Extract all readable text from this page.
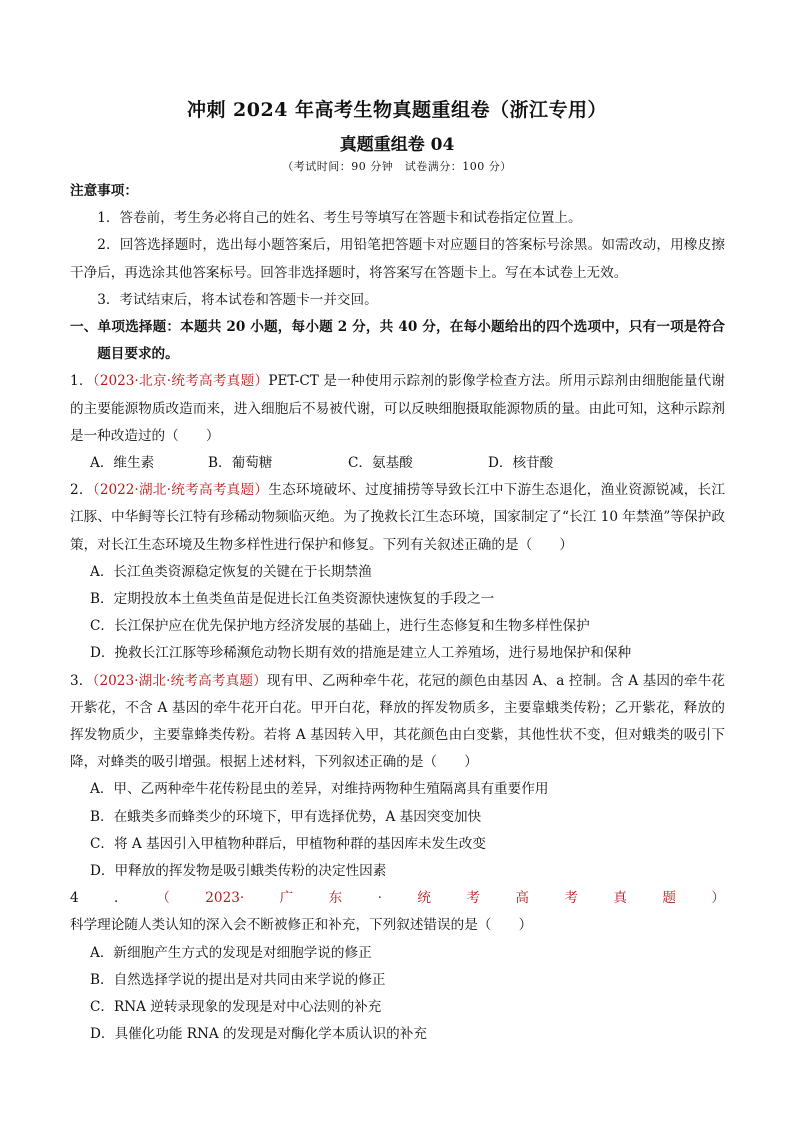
冲刺 2024 年高考生物真题重组卷（浙江专用）
真题重组卷 04
（考试时间：90 分钟　试卷满分：100 分）

注意事项：

1．答卷前，考生务必将自己的姓名、考生号等填写在答题卡和试卷指定位置上。

2．回答选择题时，选出每小题答案后，用铅笔把答题卡对应题目的答案标号涂黑。如需改动，用橡皮擦干净后，再选涂其他答案标号。回答非选择题时，将答案写在答题卡上。写在本试卷上无效。

3．考试结束后，将本试卷和答题卡一并交回。

一、单项选择题：本题共 20 小题，每小题 2 分，共 40 分，在每小题给出的四个选项中，只有一项是符合题目要求的。

1．（2023·北京·统考高考真题）PET-CT 是一种使用示踪剂的影像学检查方法。所用示踪剂由细胞能量代谢的主要能源物质改造而来，进入细胞后不易被代谢，可以反映细胞摄取能源物质的量。由此可知，这种示踪剂是一种改造过的（　　）

A．维生素	B．葡萄糖	C．氨基酸	D．核苷酸

2．（2022·湖北·统考高考真题）生态环境破坏、过度捕捞等导致长江中下游生态退化，渔业资源锐减，长江江豚、中华鲟等长江特有珍稀动物频临灭绝。为了挽救长江生态环境，国家制定了“长江 10 年禁渔”等保护政策，对长江生态环境及生物多样性进行保护和修复。下列有关叙述正确的是（　　）

A．长江鱼类资源稳定恢复的关键在于长期禁渔

B．定期投放本土鱼类鱼苗是促进长江鱼类资源快速恢复的手段之一

C．长江保护应在优先保护地方经济发展的基础上，进行生态修复和生物多样性保护

D．挽救长江江豚等珍稀濒危动物长期有效的措施是建立人工养殖场，进行易地保护和保种

3．（2023·湖北·统考高考真题）现有甲、乙两种牵牛花，花冠的颜色由基因 A、a 控制。含 A 基因的牵牛花开紫花，不含 A 基因的牵牛花开白花。甲开白花，释放的挥发物质多，主要靠蛾类传粉；乙开紫花，释放的挥发物质少，主要靠蜂类传粉。若将 A 基因转入甲，其花颜色由白变紫，其他性状不变，但对蛾类的吸引下降，对蜂类的吸引增强。根据上述材料，下列叙述正确的是（　　）

A．甲、乙两种牵牛花传粉昆虫的差异，对维持两物种生殖隔离具有重要作用

B．在蛾类多而蜂类少的环境下，甲有选择优势，A 基因突变加快

C．将 A 基因引入甲植物种群后，甲植物种群的基因库未发生改变

D．甲释放的挥发物是吸引蛾类传粉的决定性因素

4．（2023·广东·统考高考真题）科学理论随人类认知的深入会不断被修正和补充，下列叙述错误的是（　　）

A．新细胞产生方式的发现是对细胞学说的修正

B．自然选择学说的提出是对共同由来学说的修正

C．RNA 逆转录现象的发现是对中心法则的补充

D．具催化功能 RNA 的发现是对酶化学本质认识的补充
